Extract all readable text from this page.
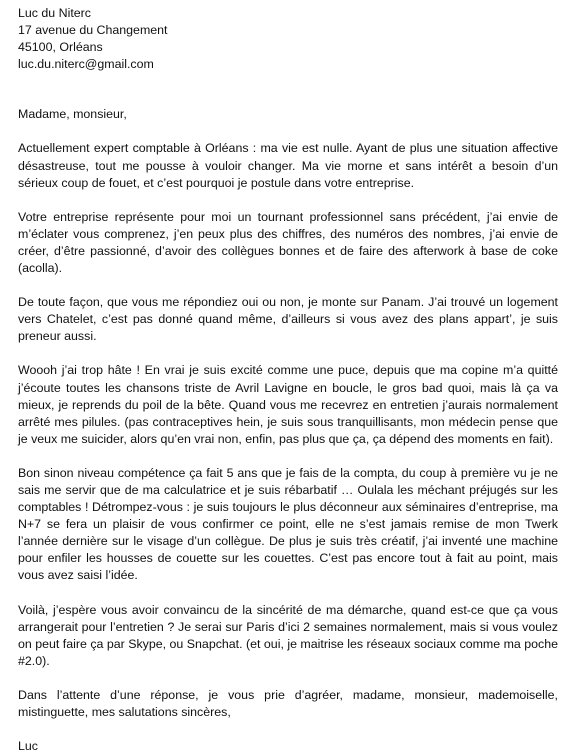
Luc du Niterc

17 avenue du Changement

45100, Orléans

luc.du.niterc@gmail.com

Madame, monsieur,

Actuellement expert comptable à Orléans : ma vie est nulle. Ayant de plus une situation affective désastreuse, tout me pousse à vouloir changer. Ma vie morne et sans intérêt a besoin d’un sérieux coup de fouet, et c’est pourquoi je postule dans votre entreprise.

Votre entreprise représente pour moi un tournant professionnel sans précédent, j’ai envie de m’éclater vous comprenez, j’en peux plus des chiffres, des numéros des nombres, j’ai envie de créer, d’être passionné, d’avoir des collègues bonnes et de faire des afterwork à base de coke (acolla).

De toute façon, que vous me répondiez oui ou non, je monte sur Panam. J’ai trouvé un logement vers Chatelet, c’est pas donné quand même, d’ailleurs si vous avez des plans appart’, je suis preneur aussi.

Woooh j’ai trop hâte ! En vrai je suis excité comme une puce, depuis que ma copine m’a quitté j’écoute toutes les chansons triste de Avril Lavigne en boucle, le gros bad quoi, mais là ça va mieux, je reprends du poil de la bête. Quand vous me recevrez en entretien j’aurais normalement arrêté mes pilules. (pas contraceptives hein, je suis sous tranquillisants, mon médecin pense que je veux me suicider, alors qu’en vrai non, enfin, pas plus que ça, ça dépend des moments en fait).

Bon sinon niveau compétence ça fait 5 ans que je fais de la compta, du coup à première vu je ne sais me servir que de ma calculatrice et je suis rébarbatif … Oulala les méchant préjugés sur les comptables ! Détrompez-vous : je suis toujours le plus déconneur aux séminaires d’entreprise, ma N+7 se fera un plaisir de vous confirmer ce point, elle ne s’est jamais remise de mon Twerk l’année dernière sur le visage d’un collègue. De plus je suis très créatif, j’ai inventé une machine pour enfiler les housses de couette sur les couettes. C’est pas encore tout à fait au point, mais vous avez saisi l’idée.

Voilà, j’espère vous avoir convaincu de la sincérité de ma démarche, quand est-ce que ça vous arrangerait pour l’entretien ? Je serai sur Paris d’ici 2 semaines normalement, mais si vous voulez on peut faire ça par Skype, ou Snapchat. (et oui, je maitrise les réseaux sociaux comme ma poche #2.0).

Dans l’attente d’une réponse, je vous prie d’agréer, madame, monsieur, mademoiselle, mistinguette, mes salutations sincères,

Luc
